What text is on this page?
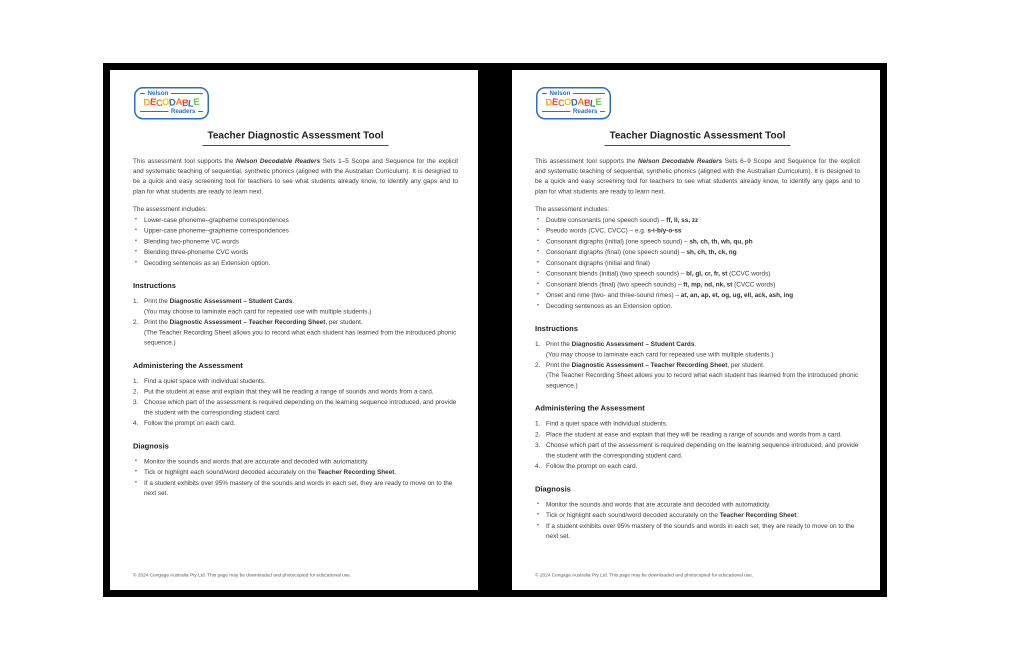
Nelson
D
E C O D A B
L E
Readers
Teacher Diagnostic Assessment Tool

This assessment tool supports the Nelson Decodable Readers Sets 1–5 Scope and Sequence for the explicit and systematic teaching of sequential, synthetic phonics (aligned with the Australian Curriculum). It is designed to be a quick and easy screening tool for teachers to see what students already know, to identify any gaps and to plan for what students are ready to learn next.

The assessment includes:
• Lower-case phoneme–grapheme correspondences
• Upper-case phoneme–grapheme correspondences
• Blending two-phoneme VC words
• Blending three-phoneme CVC words
• Decoding sentences as an Extension option.
Instructions
1. Print the Diagnostic Assessment – Student Cards.
(You may choose to laminate each card for repeated use with multiple students.)
2. Print the Diagnostic Assessment – Teacher Recording Sheet, per student.
(The Teacher Recording Sheet allows you to record what each student has learned from the introduced phonic sequence.)
Administering the Assessment
1. Find a quiet space with individual students.
2. Put the student at ease and explain that they will be reading a range of sounds and words from a card.
3. Choose which part of the assessment is required depending on the learning sequence introduced, and provide the student with the corresponding student card.
4. Follow the prompt on each card.
Diagnosis
• Monitor the sounds and words that are accurate and decoded with automaticity.
• Tick or highlight each sound/word decoded accurately on the Teacher Recording Sheet.
• If a student exhibits over 95% mastery of the sounds and words in each set, they are ready to move on to the next set.
© 2024 Cengage Australia Pty Ltd. This page may be downloaded and photocopied for educational use.
Nelson
D
E C O D A B
L E
Readers
Teacher Diagnostic Assessment Tool

This assessment tool supports the Nelson Decodable Readers Sets 6–9 Scope and Sequence for the explicit and systematic teaching of sequential, synthetic phonics (aligned with the Australian Curriculum). It is designed to be a quick and easy screening tool for teachers to see what students already know, to identify any gaps and to plan for what students are ready to learn next.

The assessment includes:
• Double consonants (one speech sound) – ff, ll, ss, zz
• Pseudo words (CVC, CVCC) – e.g. s-i-b/y-o-ss
• Consonant digraphs (initial) (one speech sound) – sh, ch, th, wh, qu, ph
• Consonant digraphs (final) (one speech sound) – sh, ch, th, ck, ng
• Consonant digraphs (initial and final)
• Consonant blends (initial) (two speech sounds) – bl, gl, cr, fr, st (CCVC words)
• Consonant blends (final) (two speech sounds) – ft, mp, nd, nk, st (CVCC words)
• Onset and rime (two- and three-sound rimes) – at, an, ap, et, og, ug, ell, ack, ash, ing
• Decoding sentences as an Extension option.
Instructions
1. Print the Diagnostic Assessment – Student Cards.
(You may choose to laminate each card for repeated use with multiple students.)
2. Print the Diagnostic Assessment – Teacher Recording Sheet, per student.
(The Teacher Recording Sheet allows you to record what each student has learned from the introduced phonic sequence.)
Administering the Assessment
1. Find a quiet space with individual students.
2. Place the student at ease and explain that they will be reading a range of sounds and words from a card.
3. Choose which part of the assessment is required depending on the learning sequence introduced, and provide the student with the corresponding student card.
4. Follow the prompt on each card.
Diagnosis
• Monitor the sounds and words that are accurate and decoded with automaticity.
• Tick or highlight each sound/word decoded accurately on the Teacher Recording Sheet.
• If a student exhibits over 95% mastery of the sounds and words in each set, they are ready to move on to the next set.
© 2024 Cengage Australia Pty Ltd. This page may be downloaded and photocopied for educational use.
